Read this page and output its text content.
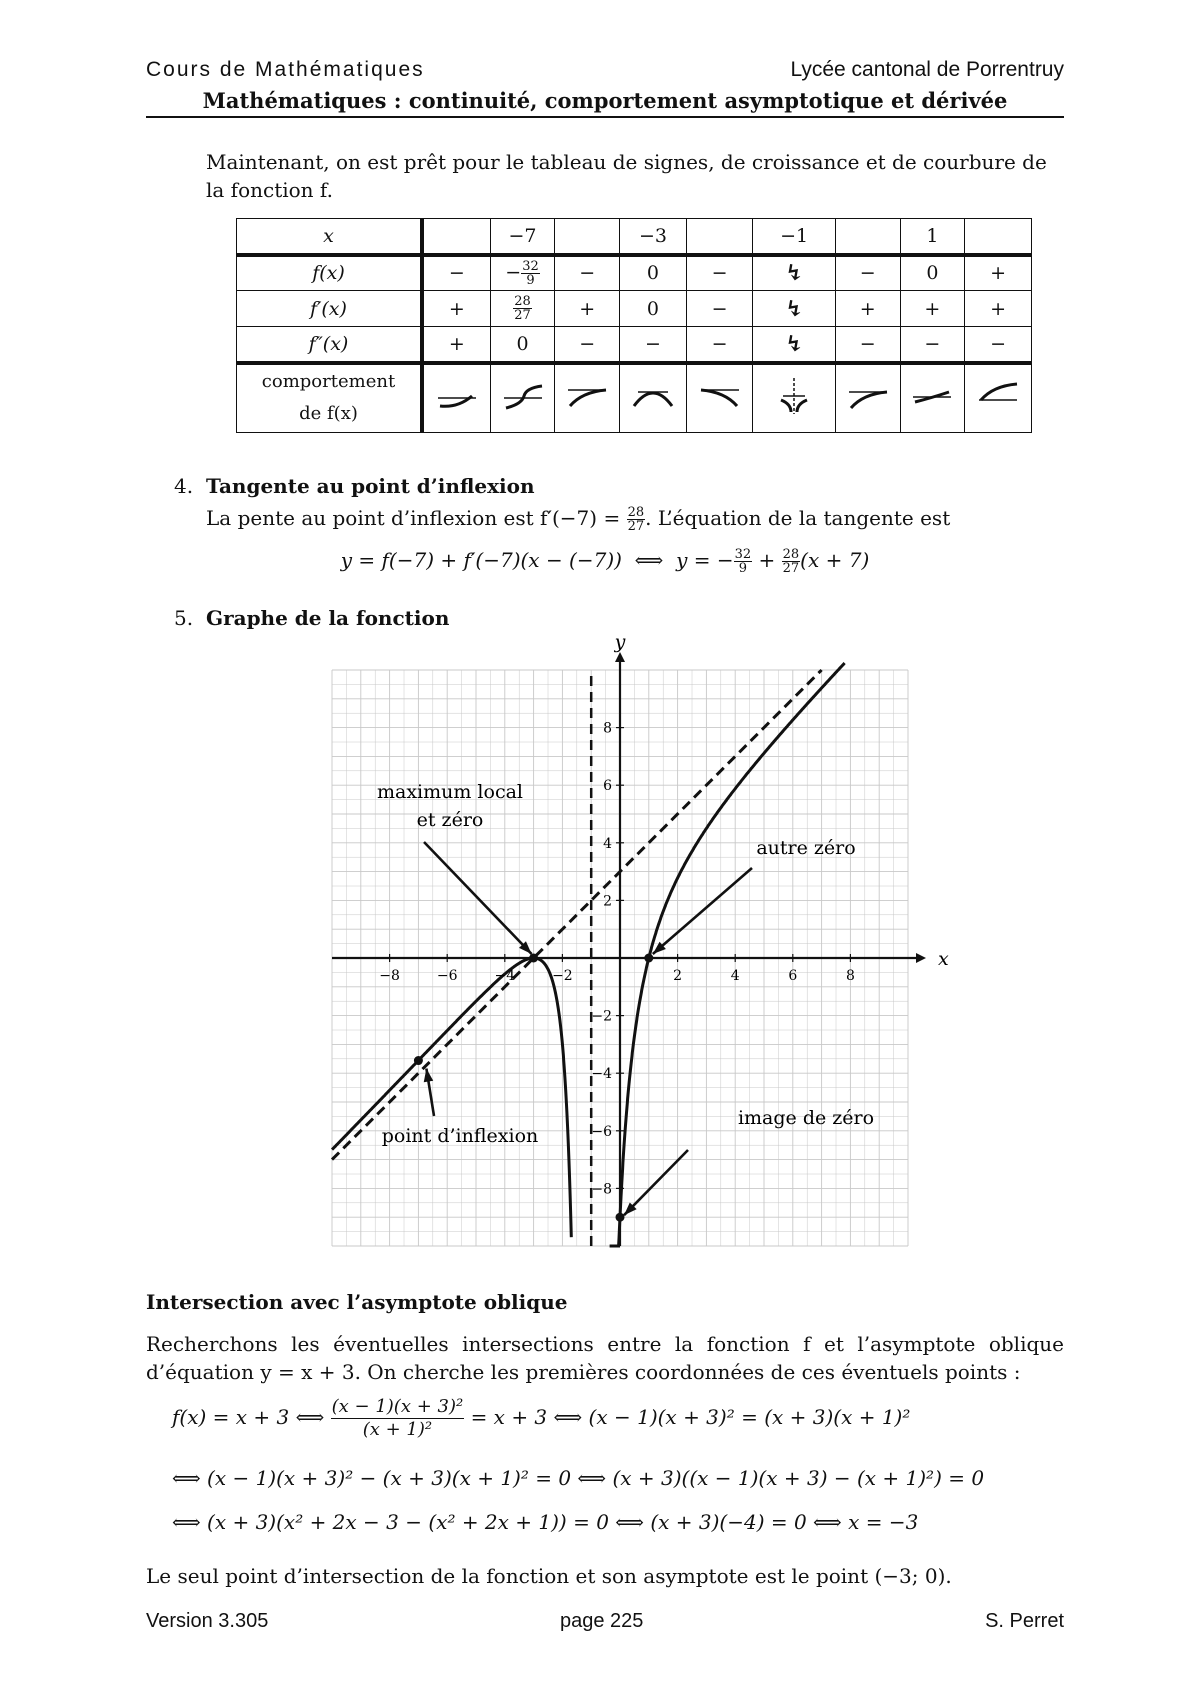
Cours de Mathématiques	Lycée cantonal de Porrentruy
Mathématiques : continuité, comportement asymptotique et dérivée
Maintenant, on est prêt pour le tableau de signes, de croissance et de courbure de la fonction f.
x		−7		−3		−1		1	
f(x)	−	− $\frac{32}{9}$	−	0	−	↯	−	0	+
f′(x)	+	$\frac{28}{27}$	+	0	−	↯	+	+	+
f″(x)	+	0	−	−	−	↯	−	−	−

comportement
de f(x)

4. Tangente au point d’inflexion
La pente au point d’inflexion est $f'(-7) = \frac{28}{27}$ . L’équation de la tangente est
y = f(−7) + f′(−7)(x − (−7)) ⟺ y = − $\frac{32}{9} + \frac{28}{27} (x + 7)$
5. Graphe de la fonction
x
y
−8	−6	−4	−2	2	4	6	8
8
6
4
2
−2
−4
−6
−8
maximum local
et zéro
autre zéro
point d’inflexion
image de zéro
Intersection avec l’asymptote oblique
Recherchons les éventuelles intersections entre la fonction f et l’asymptote oblique d’équation y = x + 3. On cherche les premières coordonnées de ces éventuels points :
f(x) = x + 3 ⟺ $\frac{\text{(x − 1)(x + 3)²}}{\text{(x + 1)²}} = x + 3$ ⟺ (x − 1)(x + 3)² = (x + 3)(x + 1)²
⟺ (x − 1)(x + 3)² − (x + 3)(x + 1)² = 0 ⟺ (x + 3)((x − 1)(x + 3) − (x + 1)²) = 0
⟺ (x + 3)(x² + 2x − 3 − (x² + 2x + 1)) = 0 ⟺ (x + 3)(−4) = 0 ⟺ x = −3
Le seul point d’intersection de la fonction et son asymptote est le point (−3; 0).
Version 3.305	page 225	S. Perret
